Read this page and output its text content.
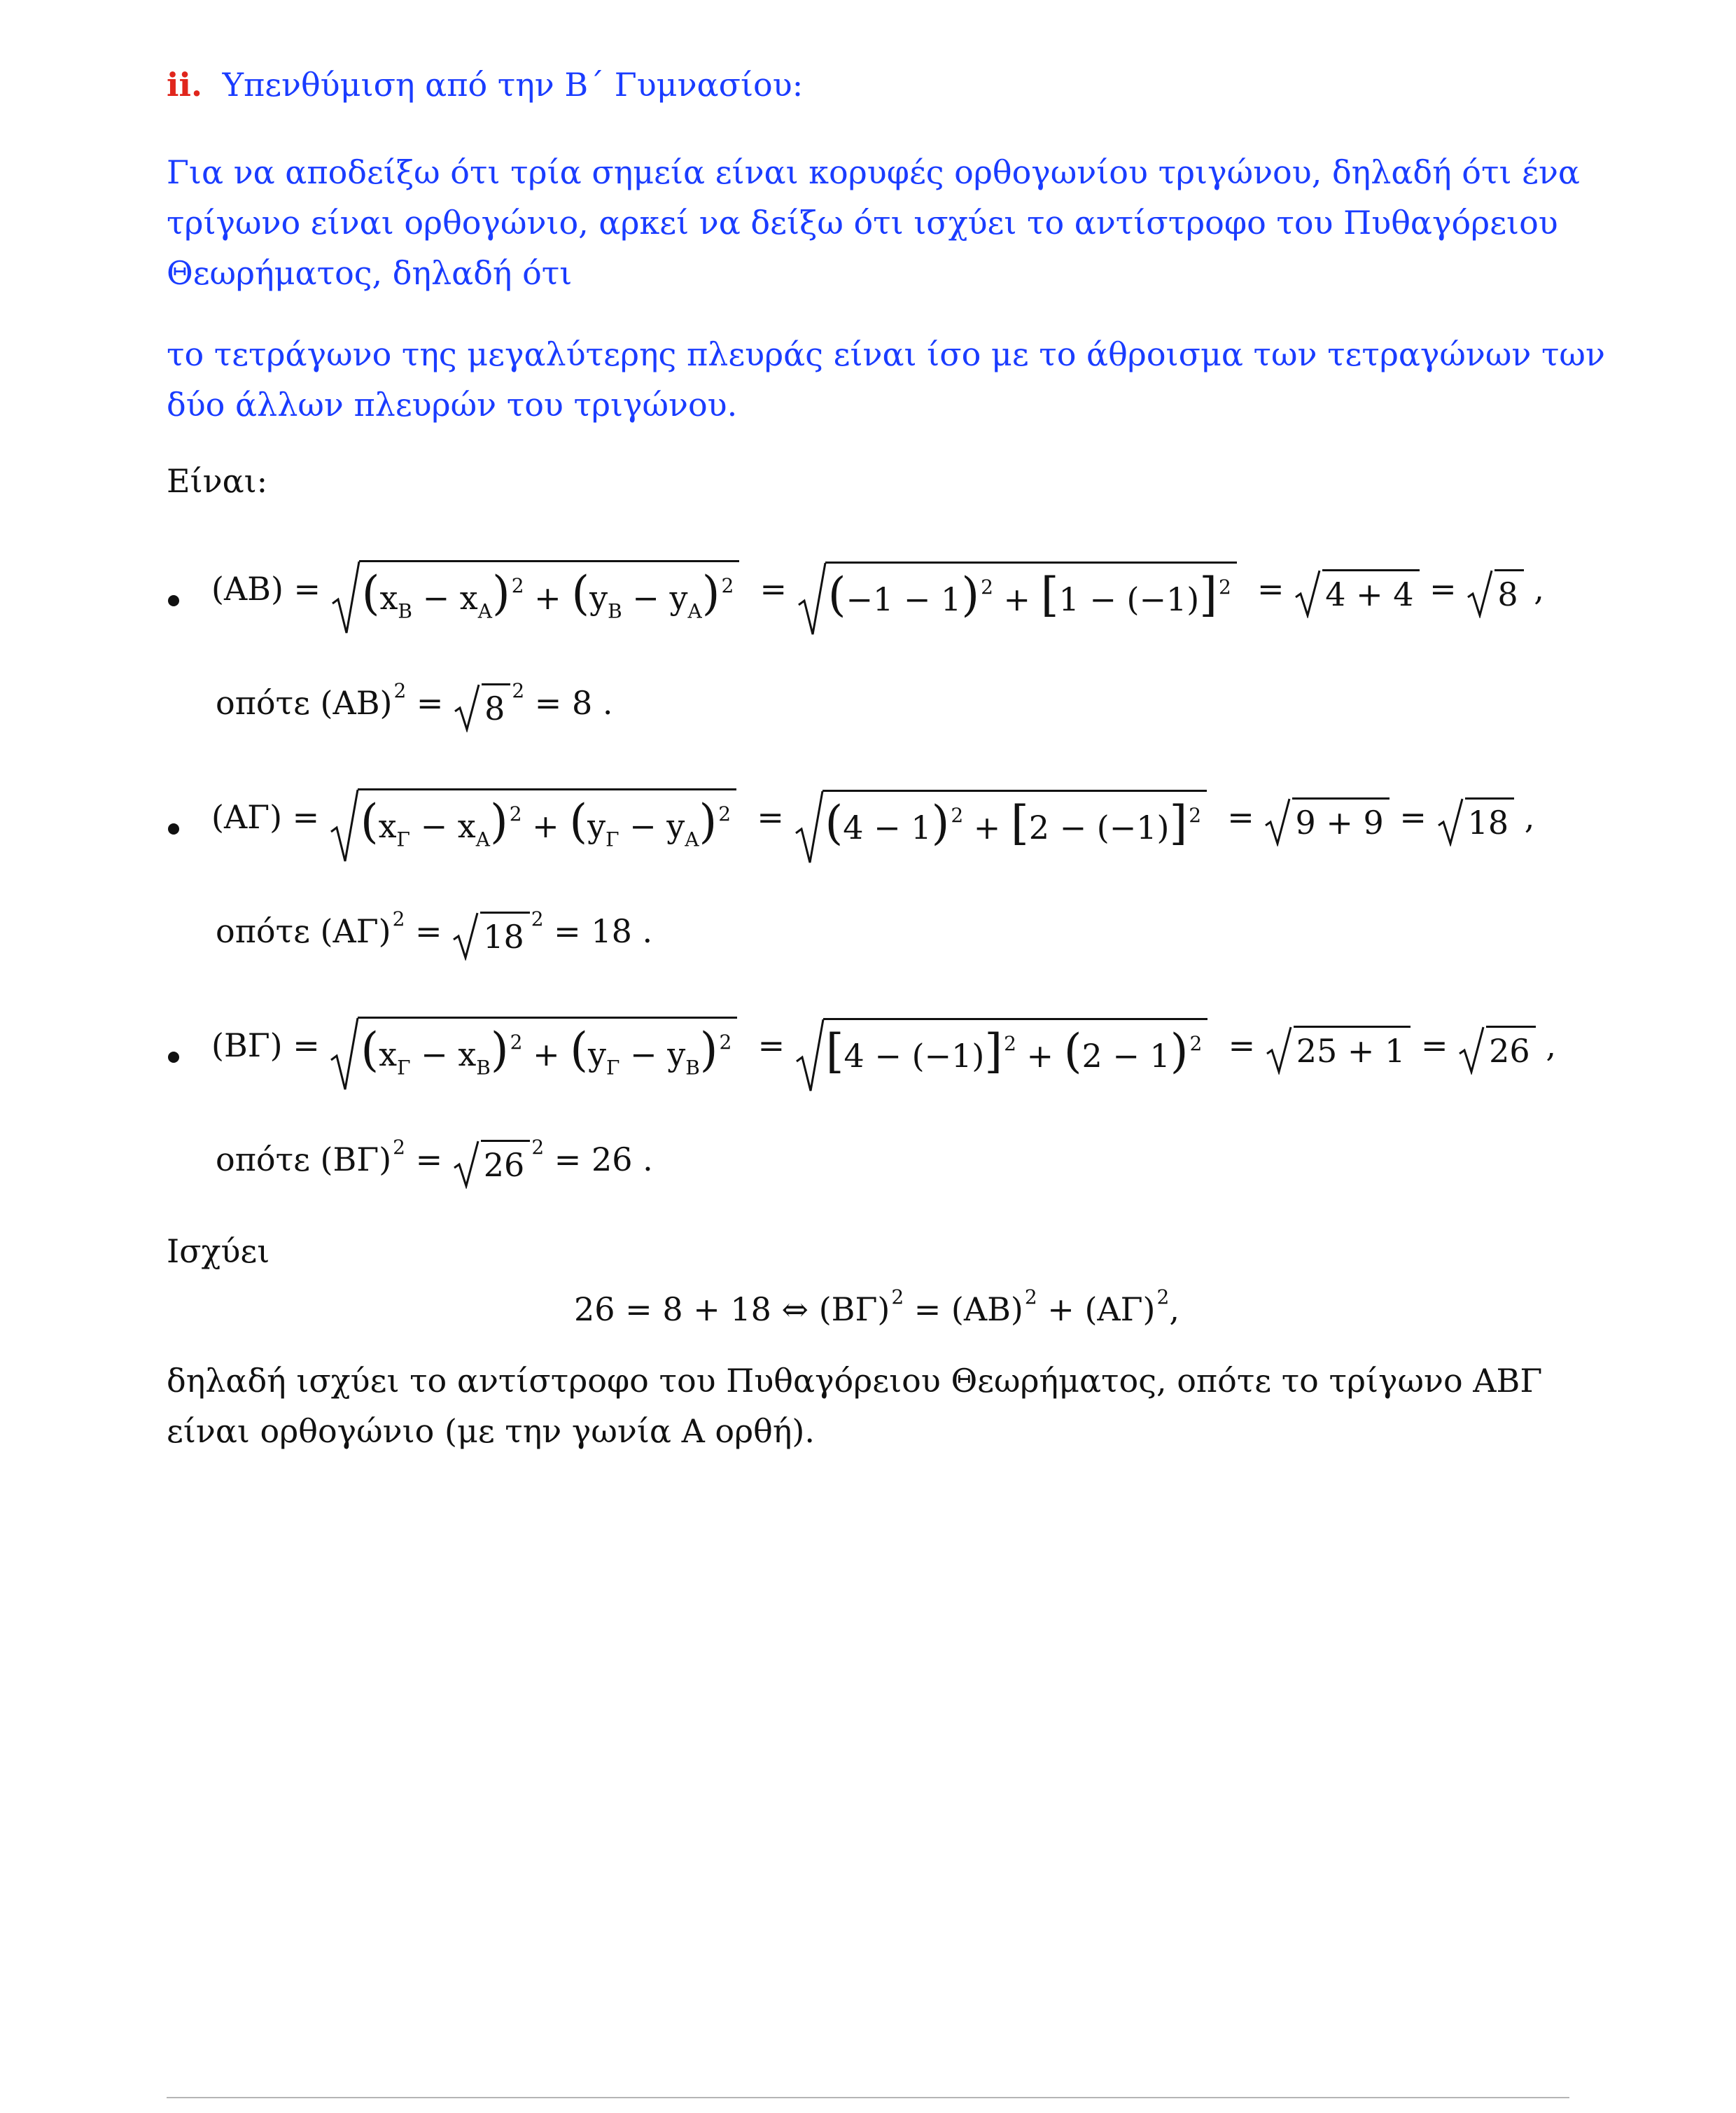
ii. Υπενθύμιση από την Β΄ Γυμνασίου:
Για να αποδείξω ότι τρία σημεία είναι κορυφές ορθογωνίου τριγώνου, δηλαδή ότι ένα
τρίγωνο είναι ορθογώνιο, αρκεί να δείξω ότι ισχύει το αντίστροφο του Πυθαγόρειου
Θεωρήματος, δηλαδή ότι
το τετράγωνο της μεγαλύτερης πλευράς είναι ίσο με το άθροισμα των τετραγώνων των
δύο άλλων πλευρών του τριγώνου.
Είναι:
(ΑΒ) =
$(x_B - x_A)^2 + (y_B - y_A)^2$  =
$(-1 - 1)^2 + [1 - (-1)]^2$  =
4 + 4 =
8 ,
οπότε $(AB)^2$ =
8 $^2$ = 8 .
(ΑΓ) =
$(x_\Gamma - x_A)^2 + (y_\Gamma - y_A)^2$  =
$(4 - 1)^2 + [2 - (-1)]^2$  =
9 + 9 =
18 ,
οπότε $(A\Gamma)^2$ =
18 $^2$ = 18 .
(ΒΓ) =
$(x_\Gamma - x_B)^2 + (y_\Gamma - y_B)^2$  =
$[4 - (-1)]^2 + (2 - 1)^2$  =
25 + 1 =
26 ,
οπότε $(B\Gamma)^2$ =
26 $^2$ = 26 .
Ισχύει
26 = 8 + 18 ⇔ $(B\Gamma)^2 = (AB)^2 + (A\Gamma)^2$,
δηλαδή ισχύει το αντίστροφο του Πυθαγόρειου Θεωρήματος, οπότε το τρίγωνο ΑΒΓ
είναι ορθογώνιο (με την γωνία Α ορθή).
